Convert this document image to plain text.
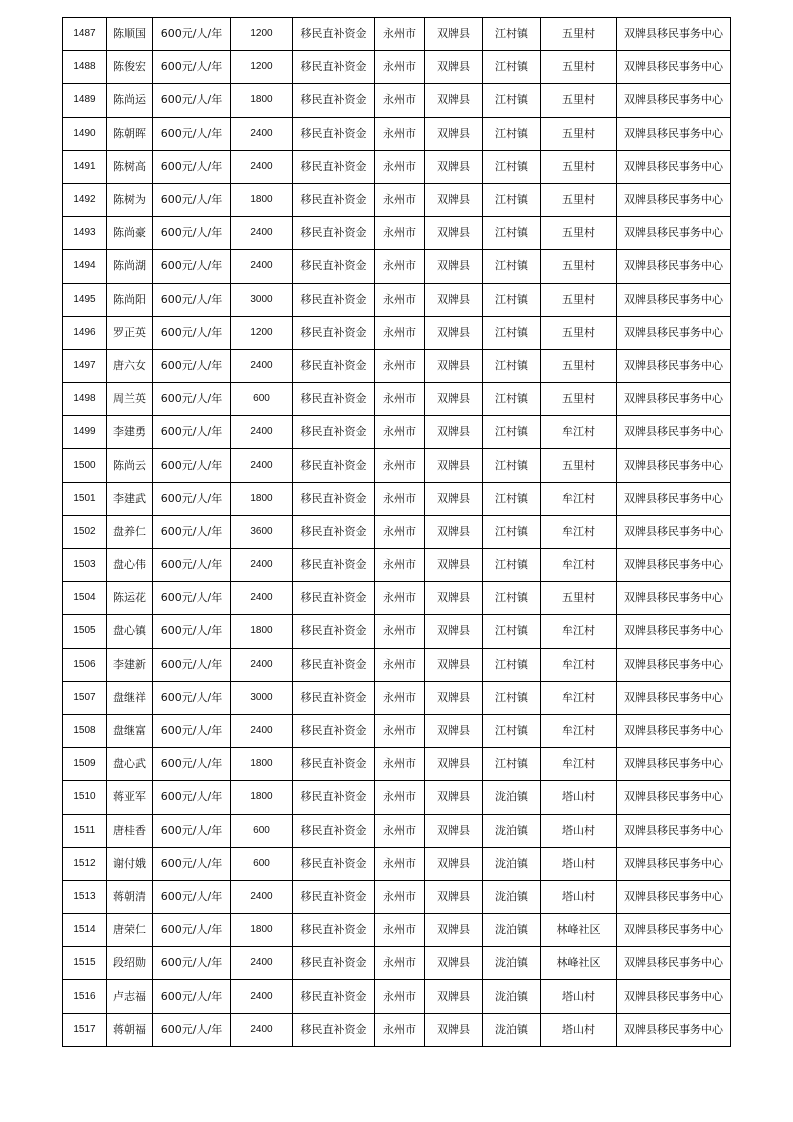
1487	陈顺国	600元/人/年	1200	移民直补资金	永州市	双牌县	江村镇	五里村	双牌县移民事务中心
1488	陈俊宏	600元/人/年	1200	移民直补资金	永州市	双牌县	江村镇	五里村	双牌县移民事务中心
1489	陈尚运	600元/人/年	1800	移民直补资金	永州市	双牌县	江村镇	五里村	双牌县移民事务中心
1490	陈朝晖	600元/人/年	2400	移民直补资金	永州市	双牌县	江村镇	五里村	双牌县移民事务中心
1491	陈树高	600元/人/年	2400	移民直补资金	永州市	双牌县	江村镇	五里村	双牌县移民事务中心
1492	陈树为	600元/人/年	1800	移民直补资金	永州市	双牌县	江村镇	五里村	双牌县移民事务中心
1493	陈尚豪	600元/人/年	2400	移民直补资金	永州市	双牌县	江村镇	五里村	双牌县移民事务中心
1494	陈尚湖	600元/人/年	2400	移民直补资金	永州市	双牌县	江村镇	五里村	双牌县移民事务中心
1495	陈尚阳	600元/人/年	3000	移民直补资金	永州市	双牌县	江村镇	五里村	双牌县移民事务中心
1496	罗正英	600元/人/年	1200	移民直补资金	永州市	双牌县	江村镇	五里村	双牌县移民事务中心
1497	唐六女	600元/人/年	2400	移民直补资金	永州市	双牌县	江村镇	五里村	双牌县移民事务中心
1498	周兰英	600元/人/年	600	移民直补资金	永州市	双牌县	江村镇	五里村	双牌县移民事务中心
1499	李建勇	600元/人/年	2400	移民直补资金	永州市	双牌县	江村镇	牟江村	双牌县移民事务中心
1500	陈尚云	600元/人/年	2400	移民直补资金	永州市	双牌县	江村镇	五里村	双牌县移民事务中心
1501	李建武	600元/人/年	1800	移民直补资金	永州市	双牌县	江村镇	牟江村	双牌县移民事务中心
1502	盘养仁	600元/人/年	3600	移民直补资金	永州市	双牌县	江村镇	牟江村	双牌县移民事务中心
1503	盘心伟	600元/人/年	2400	移民直补资金	永州市	双牌县	江村镇	牟江村	双牌县移民事务中心
1504	陈运花	600元/人/年	2400	移民直补资金	永州市	双牌县	江村镇	五里村	双牌县移民事务中心
1505	盘心镇	600元/人/年	1800	移民直补资金	永州市	双牌县	江村镇	牟江村	双牌县移民事务中心
1506	李建新	600元/人/年	2400	移民直补资金	永州市	双牌县	江村镇	牟江村	双牌县移民事务中心
1507	盘继祥	600元/人/年	3000	移民直补资金	永州市	双牌县	江村镇	牟江村	双牌县移民事务中心
1508	盘继富	600元/人/年	2400	移民直补资金	永州市	双牌县	江村镇	牟江村	双牌县移民事务中心
1509	盘心武	600元/人/年	1800	移民直补资金	永州市	双牌县	江村镇	牟江村	双牌县移民事务中心
1510	蒋亚军	600元/人/年	1800	移民直补资金	永州市	双牌县	泷泊镇	塔山村	双牌县移民事务中心
1511	唐桂香	600元/人/年	600	移民直补资金	永州市	双牌县	泷泊镇	塔山村	双牌县移民事务中心
1512	谢付娥	600元/人/年	600	移民直补资金	永州市	双牌县	泷泊镇	塔山村	双牌县移民事务中心
1513	蒋朝清	600元/人/年	2400	移民直补资金	永州市	双牌县	泷泊镇	塔山村	双牌县移民事务中心
1514	唐荣仁	600元/人/年	1800	移民直补资金	永州市	双牌县	泷泊镇	林峰社区	双牌县移民事务中心
1515	段绍勋	600元/人/年	2400	移民直补资金	永州市	双牌县	泷泊镇	林峰社区	双牌县移民事务中心
1516	卢志福	600元/人/年	2400	移民直补资金	永州市	双牌县	泷泊镇	塔山村	双牌县移民事务中心
1517	蒋朝福	600元/人/年	2400	移民直补资金	永州市	双牌县	泷泊镇	塔山村	双牌县移民事务中心
